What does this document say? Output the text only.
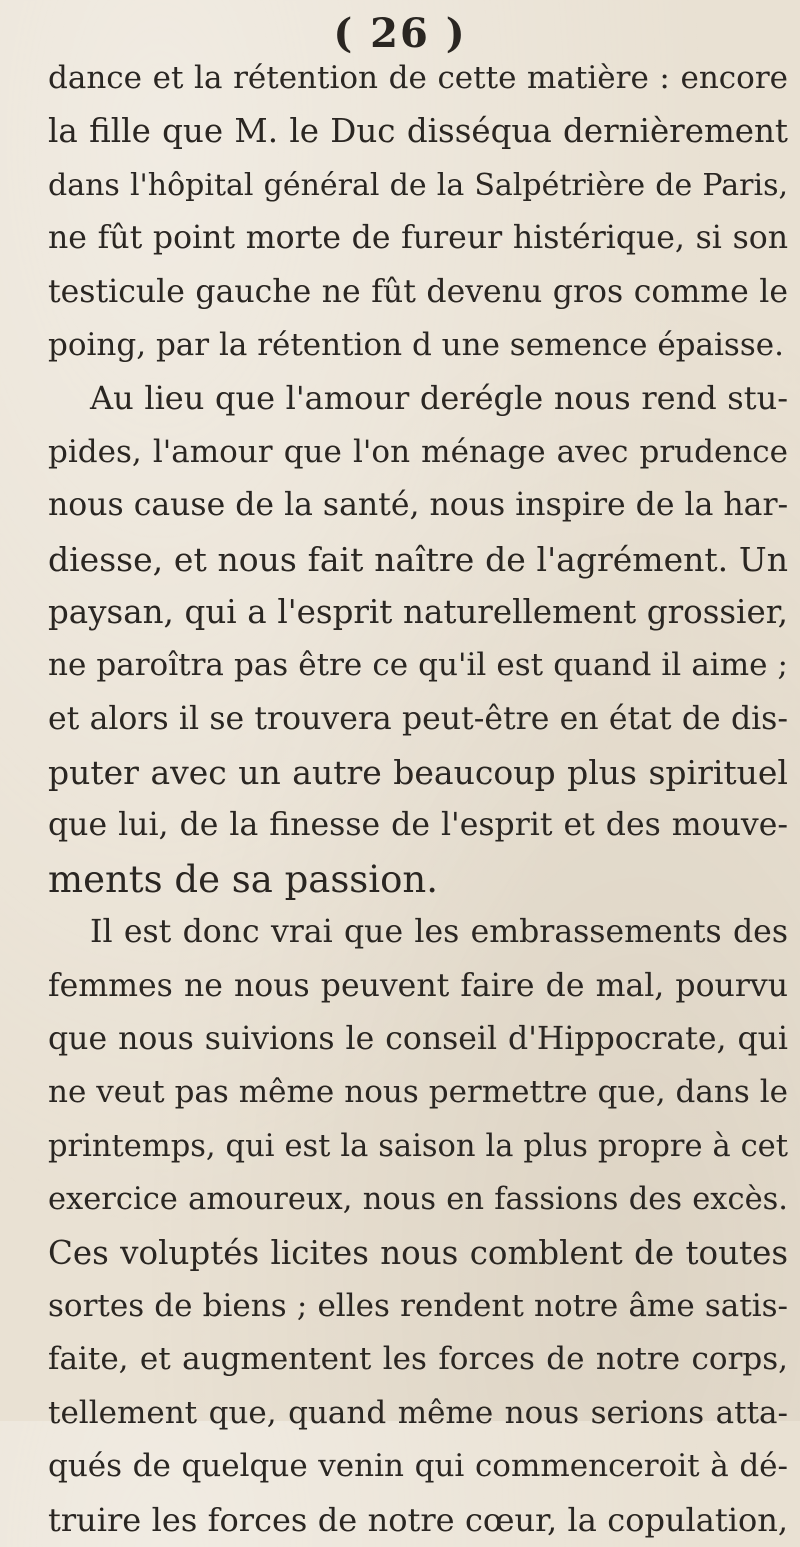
( 26 )
dance et la rétention de cette matière : encore
la fille que M. le Duc disséqua dernièrement
dans l'hôpital général de la Salpétrière de Paris,
ne fût point morte de fureur histérique, si son
testicule gauche ne fût devenu gros comme le
poing, par la rétention d une semence épaisse.
Au lieu que l'amour derégle nous rend stu-
pides, l'amour que l'on ménage avec prudence
nous cause de la santé, nous inspire de la har-
diesse, et nous fait naître de l'agrément. Un
paysan, qui a l'esprit naturellement grossier,
ne paroîtra pas être ce qu'il est quand il aime ;
et alors il se trouvera peut-être en état de dis-
puter avec un autre beaucoup plus spirituel
que lui, de la finesse de l'esprit et des mouve-
ments de sa passion.
Il est donc vrai que les embrassements des
femmes ne nous peuvent faire de mal, pourvu
que nous suivions le conseil d'Hippocrate, qui
ne veut pas même nous permettre que, dans le
printemps, qui est la saison la plus propre à cet
exercice amoureux, nous en fassions des excès.
Ces voluptés licites nous comblent de toutes
sortes de biens ; elles rendent notre âme satis-
faite, et augmentent les forces de notre corps,
tellement que, quand même nous serions atta-
qués de quelque venin qui commenceroit à dé-
truire les forces de notre cœur, la copulation,
